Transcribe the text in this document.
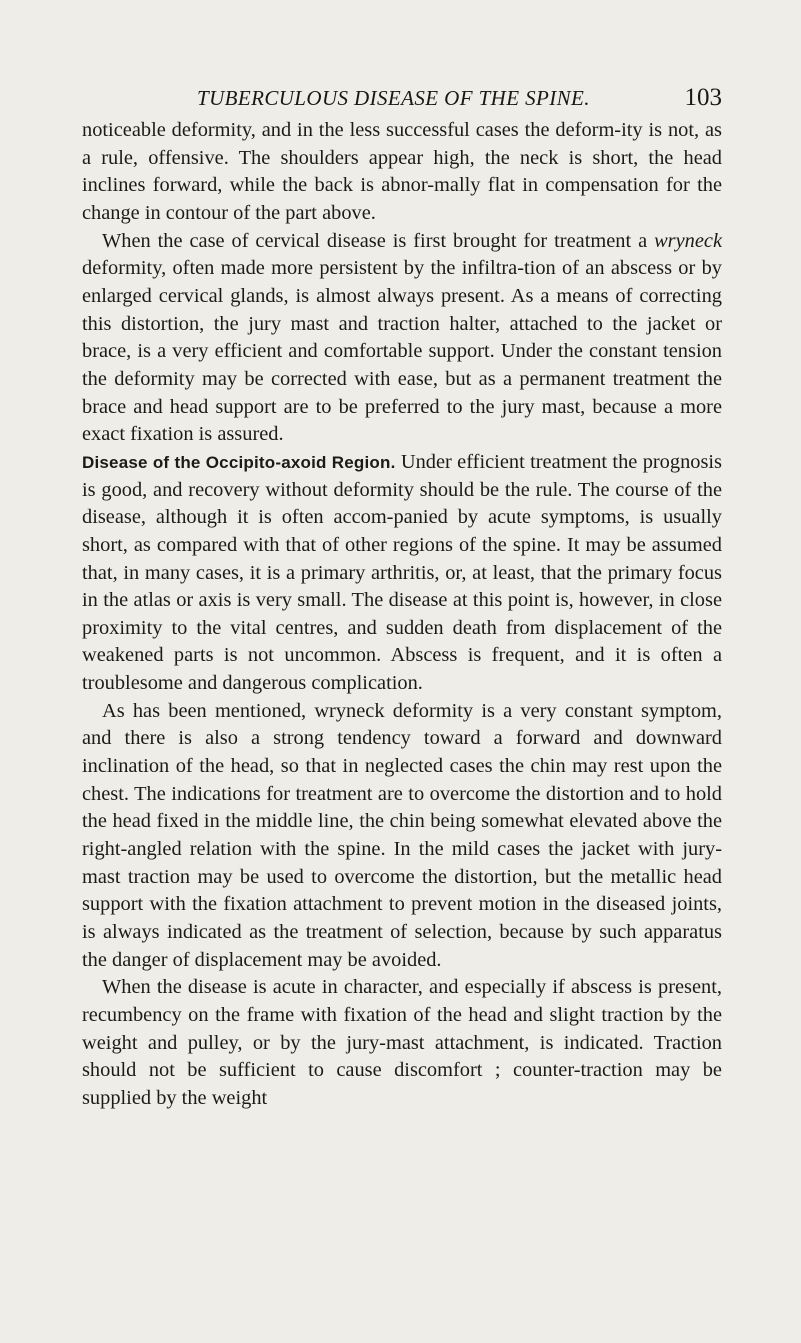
TUBERCULOUS DISEASE OF THE SPINE.	103

noticeable deformity, and in the less successful cases the deform-ity is not, as a rule, offensive. The shoulders appear high, the neck is short, the head inclines forward, while the back is abnor-mally flat in compensation for the change in contour of the part above.

When the case of cervical disease is first brought for treatment a wryneck deformity, often made more persistent by the infiltra-tion of an abscess or by enlarged cervical glands, is almost always present. As a means of correcting this distortion, the jury mast and traction halter, attached to the jacket or brace, is a very efficient and comfortable support. Under the constant tension the deformity may be corrected with ease, but as a permanent treatment the brace and head support are to be preferred to the jury mast, because a more exact fixation is assured.

Disease of the Occipito-axoid Region. Under efficient treatment the prognosis is good, and recovery without deformity should be the rule. The course of the disease, although it is often accom-panied by acute symptoms, is usually short, as compared with that of other regions of the spine. It may be assumed that, in many cases, it is a primary arthritis, or, at least, that the primary focus in the atlas or axis is very small. The disease at this point is, however, in close proximity to the vital centres, and sudden death from displacement of the weakened parts is not uncommon. Abscess is frequent, and it is often a troublesome and dangerous complication.

As has been mentioned, wryneck deformity is a very constant symptom, and there is also a strong tendency toward a forward and downward inclination of the head, so that in neglected cases the chin may rest upon the chest. The indications for treatment are to overcome the distortion and to hold the head fixed in the middle line, the chin being somewhat elevated above the right-angled relation with the spine. In the mild cases the jacket with jury-mast traction may be used to overcome the distortion, but the metallic head support with the fixation attachment to prevent motion in the diseased joints, is always indicated as the treatment of selection, because by such apparatus the danger of displacement may be avoided.

When the disease is acute in character, and especially if abscess is present, recumbency on the frame with fixation of the head and slight traction by the weight and pulley, or by the jury-mast attachment, is indicated. Traction should not be sufficient to cause discomfort ; counter-traction may be supplied by the weight
